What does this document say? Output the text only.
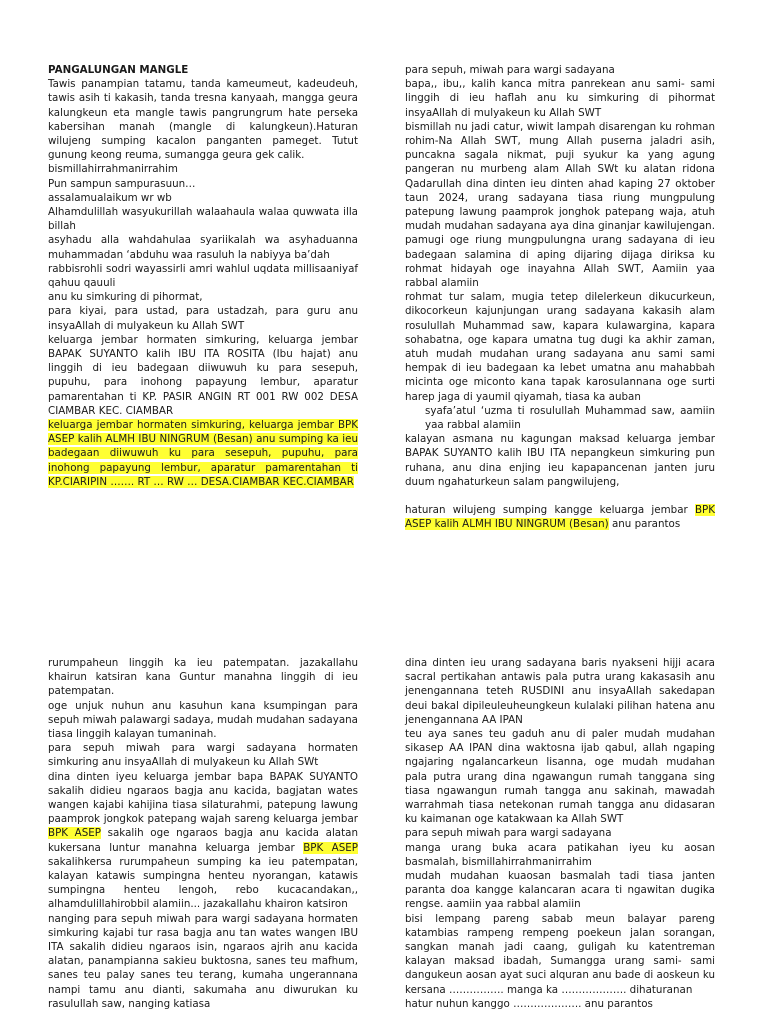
PANGALUNGAN MANGLE

Tawis panampian tatamu, tanda kameumeut, kadeudeuh, tawis asih ti kakasih, tanda tresna kanyaah, mangga geura kalungkeun eta mangle tawis pangrungrum hate perseka kabersihan manah (mangle di kalungkeun).Haturan wilujeng sumping kacalon panganten pameget. Tutut gunung keong reuma, sumangga geura gek calik.

bismillahirrahmanirrahim

Pun sampun sampurasuun…

assalamualaikum wr wb

Alhamdulillah wasyukurillah walaahaula walaa quwwata illa billah

asyhadu alla wahdahulaa syariikalah wa asyhaduanna muhammadan ‘abduhu waa rasuluh la nabiyya ba’dah

rabbisrohli sodri wayassirli amri wahlul uqdata millisaaniyaf qahuu qauuli

anu ku simkuring di pihormat,

para kiyai, para ustad, para ustadzah, para guru anu insyaAllah di mulyakeun ku Allah SWT

keluarga jembar hormaten simkuring, keluarga jembar BAPAK SUYANTO kalih IBU ITA ROSITA (Ibu hajat) anu linggih di ieu badegaan diiwuwuh ku para sesepuh, pupuhu, para inohong papayung lembur, aparatur pamarentahan ti KP. PASIR ANGIN RT 001 RW 002 DESA CIAMBAR KEC. CIAMBAR

keluarga jembar hormaten simkuring, keluarga jembar BPK ASEP kalih ALMH IBU NINGRUM (Besan) anu sumping ka ieu badegaan diiwuwuh ku para sesepuh, pupuhu, para inohong papayung lembur, aparatur pamarentahan ti KP.CIARIPIN ……. RT … RW … DESA.CIAMBAR KEC.CIAMBAR

para sepuh, miwah para wargi sadayana

bapa,, ibu,, kalih kanca mitra panrekean anu sami- sami linggih di ieu haflah anu ku simkuring di pihormat insyaAllah di mulyakeun ku Allah SWT

bismillah nu jadi catur, wiwit lampah disarengan ku rohman rohim-Na Allah SWT, mung Allah puserna jaladri asih, puncakna sagala nikmat, puji syukur ka yang agung pangeran nu murbeng alam Allah SWt ku alatan ridona Qadarullah dina dinten ieu dinten ahad kaping 27 oktober taun 2024, urang sadayana tiasa riung mungpulung patepung lawung paamprok jonghok patepang waja, atuh mudah mudahan sadayana aya dina ginanjar kawilujengan. pamugi oge riung mungpulungna urang sadayana di ieu badegaan salamina di aping dijaring dijaga diriksa ku rohmat hidayah oge inayahna Allah SWT, Aamiin yaa rabbal alamiin

rohmat tur salam, mugia tetep dilelerkeun dikucurkeun, dikocorkeun kajunjungan urang sadayana kakasih alam rosulullah Muhammad saw, kapara kulawargina, kapara sohabatna, oge kapara umatna tug dugi ka akhir zaman, atuh mudah mudahan urang sadayana anu sami sami hempak di ieu badegaan ka lebet umatna anu mahabbah micinta oge miconto kana tapak karosulannana oge surti harep jaga di yaumil qiyamah, tiasa ka auban

syafa’atul ‘uzma ti rosulullah Muhammad saw, aamiin yaa rabbal alamiin

kalayan asmana nu kagungan maksad keluarga jembar BAPAK SUYANTO kalih IBU ITA nepangkeun simkuring pun ruhana, anu dina enjing ieu kapapancenan janten juru duum ngahaturkeun salam pangwilujeng,

haturan wilujeng sumping kangge keluarga jembar BPK ASEP kalih ALMH IBU NINGRUM (Besan) anu parantos

rurumpaheun linggih ka ieu patempatan. jazakallahu khairun katsiran kana Guntur manahna linggih di ieu patempatan.

oge unjuk nuhun anu kasuhun kana ksumpingan para sepuh miwah palawargi sadaya, mudah mudahan sadayana tiasa linggih kalayan tumaninah.

para sepuh miwah para wargi sadayana hormaten simkuring anu insyaAllah di mulyakeun ku Allah SWt

dina dinten iyeu keluarga jembar bapa BAPAK SUYANTO sakalih didieu ngaraos bagja anu kacida, bagjatan wates wangen kajabi kahijina tiasa silaturahmi, patepung lawung paamprok jongkok patepang wajah sareng keluarga jembar BPK ASEP sakalih oge ngaraos bagja anu kacida alatan kukersana luntur manahna keluarga jembar BPK ASEP sakalihkersa rurumpaheun sumping ka ieu patempatan, kalayan katawis sumpingna henteu nyorangan, katawis sumpingna henteu lengoh, rebo kucacandakan,, alhamdulillahirobbil alamiin... jazakallahu khairon katsiron

nanging para sepuh miwah para wargi sadayana hormaten simkuring kajabi tur rasa bagja anu tan wates wangen IBU ITA sakalih didieu ngaraos isin, ngaraos ajrih anu kacida alatan, panampianna sakieu buktosna, sanes teu mafhum, sanes teu palay sanes teu terang, kumaha ungerannana nampi tamu anu dianti, sakumaha anu diwurukan ku rasulullah saw, nanging katiasa

dina dinten ieu urang sadayana baris nyakseni hijji acara sacral pertikahan antawis pala putra urang kakasasih anu jenengannana teteh RUSDINI anu insyaAllah sakedapan deui bakal dipileuleuheungkeun kulalaki pilihan hatena anu jenengannana AA IPAN

teu aya sanes teu gaduh anu di paler mudah mudahan sikasep AA IPAN dina waktosna ijab qabul, allah ngaping ngajaring ngalancarkeun lisanna, oge mudah mudahan pala putra urang dina ngawangun rumah tanggana sing tiasa ngawangun rumah tangga anu sakinah, mawadah warrahmah tiasa netekonan rumah tangga anu didasaran ku kaimanan oge katakwaan ka Allah SWT

para sepuh miwah para wargi sadayana

manga urang buka acara patikahan iyeu ku aosan basmalah, bismillahirrahmanirrahim

mudah mudahan kuaosan basmalah tadi tiasa janten paranta doa kangge kalancaran acara ti ngawitan dugika rengse. aamiin yaa rabbal alamiin

bisi lempang pareng sabab meun balayar pareng katambias rampeng rempeng poekeun jalan sorangan, sangkan manah jadi caang, guligah ku katentreman kalayan maksad ibadah, Sumangga urang sami- sami dangukeun aosan ayat suci alquran anu bade di aoskeun ku kersana ……………. manga ka ………………. dihaturanan

hatur nuhun kanggo ……………….. anu parantos
